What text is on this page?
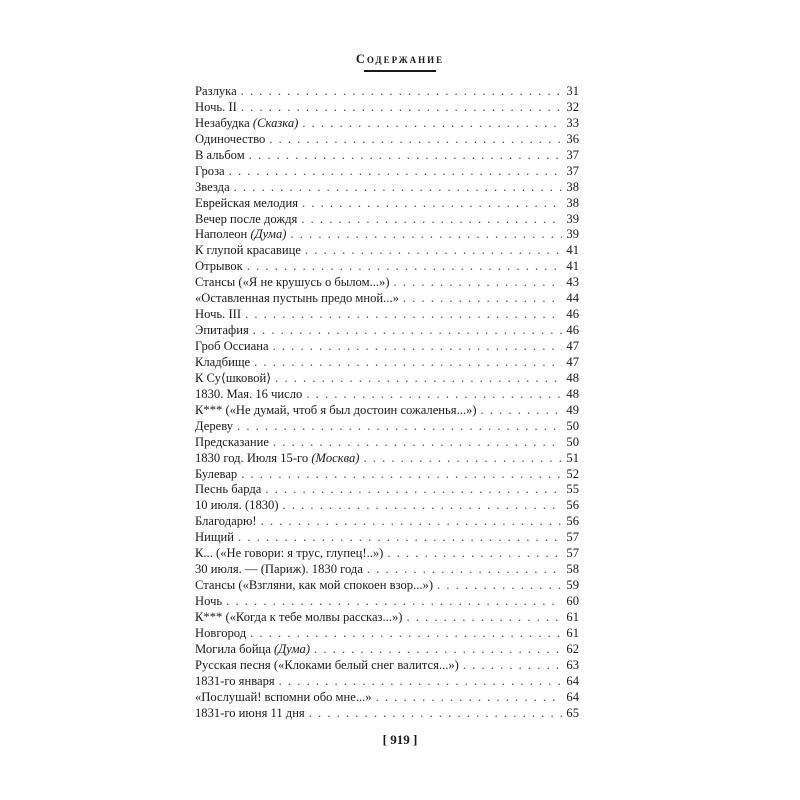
Содержание
Разлука . . .	31
Ночь. II . . .	32
Незабудка (Сказка) . . .	33
Одиночество . . .	36
В альбом . . .	37
Гроза . . .	37
Звезда . . .	38
Еврейская мелодия . . .	38
Вечер после дождя . . .	39
Наполеон (Дума) . . .	39
К глупой красавице . . .	41
Отрывок . . .	41
Стансы («Я не крушусь о былом...») . . .	43
«Оставленная пустынь предо мной...» . . .	44
Ночь. III . . .	46
Эпитафия . . .	46
Гроб Оссиана . . .	47
Кладбище . . .	47
К Су⟨шковой⟩ . . .	48
1830. Мая. 16 число . . .	48
К*** («Не думай, чтоб я был достоин сожаленья...») . . .	49
Дереву . . .	50
Предсказание . . .	50
1830 год. Июля 15-го (Москва) . . .	51
Булевар . . .	52
Песнь барда . . .	55
10 июля. (1830) . . .	56
Благодарю! . . .	56
Нищий . . .	57
К... («Не говори: я трус, глупец!..») . . .	57
30 июля. — (Париж). 1830 года . . .	58
Стансы («Взгляни, как мой спокоен взор...») . . .	59
Ночь . . .	60
К*** («Когда к тебе молвы рассказ...») . . .	61
Новгород . . .	61
Могила бойца (Дума) . . .	62
Русская песня («Клоками белый снег валится...») . . .	63
1831-го января . . .	64
«Послушай! вспомни обо мне...» . . .	64
1831-го июня 11 дня . . .	65
[ 919 ]
